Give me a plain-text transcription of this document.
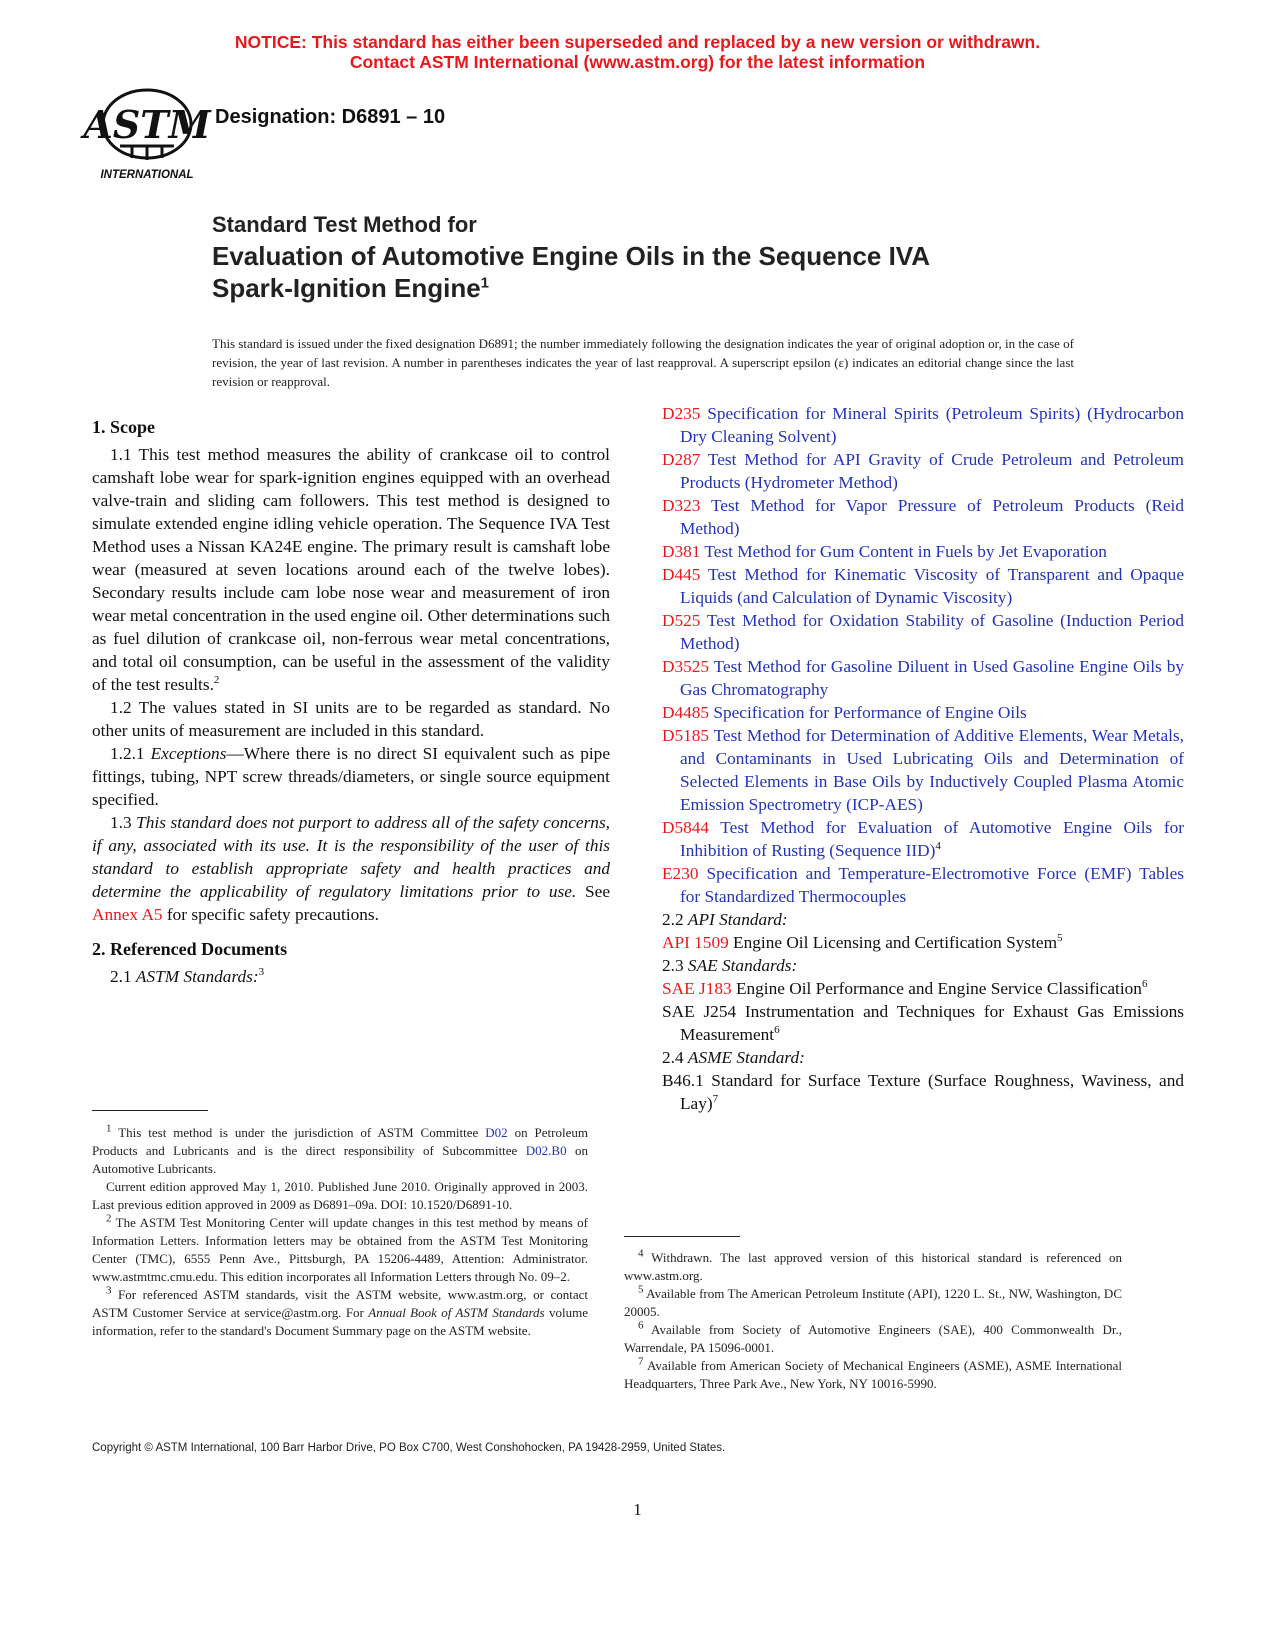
NOTICE: This standard has either been superseded and replaced by a new version or withdrawn.
Contact ASTM International (www.astm.org) for the latest information
ASTM
INTERNATIONAL
Designation: D6891 – 10
Standard Test Method for
Evaluation of Automotive Engine Oils in the Sequence IVA
Spark-Ignition Engine$^1$
This standard is issued under the fixed designation D6891; the number immediately following the designation indicates the year of original adoption or, in the case of revision, the year of last revision. A number in parentheses indicates the year of last reapproval. A superscript epsilon (ε) indicates an editorial change since the last revision or reapproval.
1. Scope

1.1 This test method measures the ability of crankcase oil to control camshaft lobe wear for spark-ignition engines equipped with an overhead valve-train and sliding cam followers. This test method is designed to simulate extended engine idling vehicle operation. The Sequence IVA Test Method uses a Nissan KA24E engine. The primary result is camshaft lobe wear (measured at seven locations around each of the twelve lobes). Secondary results include cam lobe nose wear and measurement of iron wear metal concentration in the used engine oil. Other determinations such as fuel dilution of crankcase oil, non-ferrous wear metal concentrations, and total oil consumption, can be useful in the assessment of the validity of the test results.$^2$

1.2 The values stated in SI units are to be regarded as standard. No other units of measurement are included in this standard.

1.2.1 Exceptions—Where there is no direct SI equivalent such as pipe fittings, tubing, NPT screw threads/diameters, or single source equipment specified.

1.3 This standard does not purport to address all of the safety concerns, if any, associated with its use. It is the responsibility of the user of this standard to establish appropriate safety and health practices and determine the applicability of regulatory limitations prior to use. See Annex A5 for specific safety precautions.

2. Referenced Documents

2.1 ASTM Standards:$^3$

D235 Specification for Mineral Spirits (Petroleum Spirits) (Hydrocarbon Dry Cleaning Solvent)

D287 Test Method for API Gravity of Crude Petroleum and Petroleum Products (Hydrometer Method)

D323 Test Method for Vapor Pressure of Petroleum Products (Reid Method)

D381 Test Method for Gum Content in Fuels by Jet Evaporation

D445 Test Method for Kinematic Viscosity of Transparent and Opaque Liquids (and Calculation of Dynamic Viscosity)

D525 Test Method for Oxidation Stability of Gasoline (Induction Period Method)

D3525 Test Method for Gasoline Diluent in Used Gasoline Engine Oils by Gas Chromatography

D4485 Specification for Performance of Engine Oils

D5185 Test Method for Determination of Additive Elements, Wear Metals, and Contaminants in Used Lubricating Oils and Determination of Selected Elements in Base Oils by Inductively Coupled Plasma Atomic Emission Spectrometry (ICP-AES)

D5844 Test Method for Evaluation of Automotive Engine Oils for Inhibition of Rusting (Sequence IID)$^4$

E230 Specification and Temperature-Electromotive Force (EMF) Tables for Standardized Thermocouples

2.2 API Standard:

API 1509 Engine Oil Licensing and Certification System$^5$

2.3 SAE Standards:

SAE J183 Engine Oil Performance and Engine Service Classification$^6$

SAE J254 Instrumentation and Techniques for Exhaust Gas Emissions Measurement$^6$

2.4 ASME Standard:

B46.1 Standard for Surface Texture (Surface Roughness, Waviness, and Lay)$^7$

$^1$ This test method is under the jurisdiction of ASTM Committee D02 on Petroleum Products and Lubricants and is the direct responsibility of Subcommittee D02.B0 on Automotive Lubricants.

Current edition approved May 1, 2010. Published June 2010. Originally approved in 2003. Last previous edition approved in 2009 as D6891–09a. DOI: 10.1520/D6891-10.

$^2$ The ASTM Test Monitoring Center will update changes in this test method by means of Information Letters. Information letters may be obtained from the ASTM Test Monitoring Center (TMC), 6555 Penn Ave., Pittsburgh, PA 15206-4489, Attention: Administrator. www.astmtmc.cmu.edu. This edition incorporates all Information Letters through No. 09–2.

$^3$ For referenced ASTM standards, visit the ASTM website, www.astm.org, or contact ASTM Customer Service at service@astm.org. For Annual Book of ASTM Standards volume information, refer to the standard's Document Summary page on the ASTM website.

$^4$ Withdrawn. The last approved version of this historical standard is referenced on www.astm.org.

$^5$ Available from The American Petroleum Institute (API), 1220 L. St., NW, Washington, DC 20005.

$^6$ Available from Society of Automotive Engineers (SAE), 400 Commonwealth Dr., Warrendale, PA 15096-0001.

$^7$ Available from American Society of Mechanical Engineers (ASME), ASME International Headquarters, Three Park Ave., New York, NY 10016-5990.

Copyright © ASTM International, 100 Barr Harbor Drive, PO Box C700, West Conshohocken, PA 19428-2959, United States.
1
